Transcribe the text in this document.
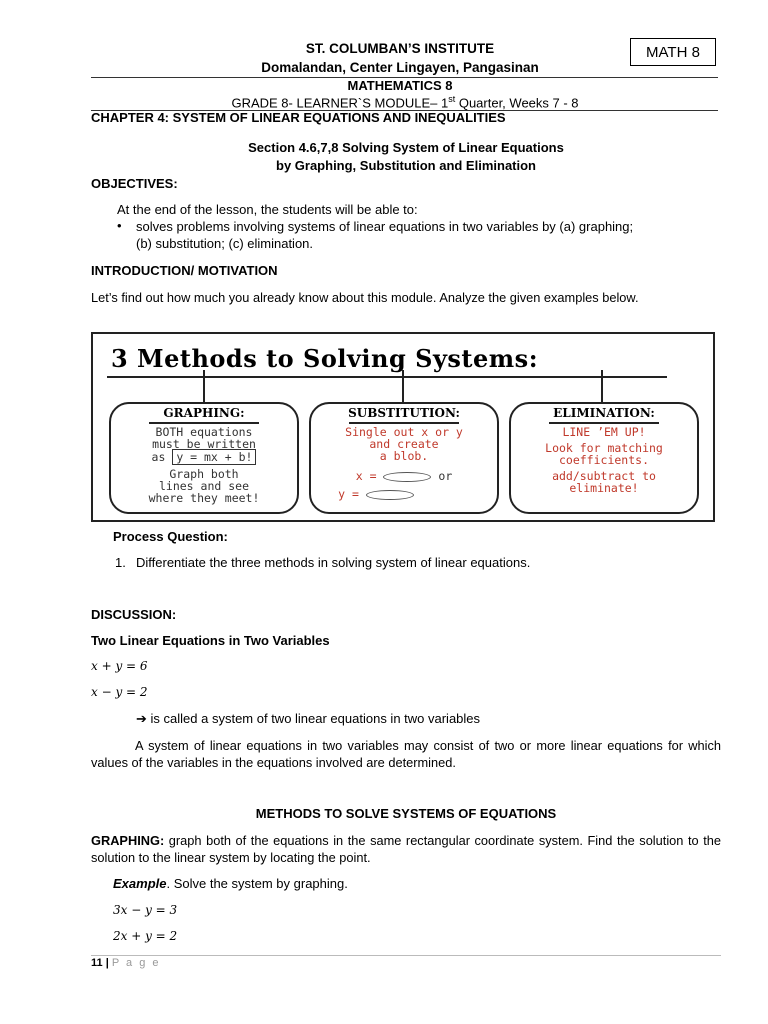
ST. COLUMBAN’S INSTITUTE
Domalandan, Center Lingayen, Pangasinan
MATH 8
MATHEMATICS 8
GRADE 8- LEARNER`S MODULE– 1st Quarter, Weeks 7 - 8
CHAPTER 4: SYSTEM OF LINEAR EQUATIONS AND INEQUALITIES
Section 4.6,7,8 Solving System of Linear Equations
by Graphing, Substitution and Elimination
OBJECTIVES:
At the end of the lesson, the students will be able to:
• solves problems involving systems of linear equations in two variables by (a) graphing;
(b) substitution; (c) elimination.
INTRODUCTION/ MOTIVATION
Let’s find out how much you already know about this module. Analyze the given examples below.
3 Methods to Solving Systems:
GRAPHING:
BOTH equations
must be written
as y = mx + b!
Graph both
lines and see
where they meet!
SUBSTITUTION:
Single out x or y
and create
a blob.
x =	or
y =
ELIMINATION:
LINE ’EM UP!
Look for matching
coefficients.
add/subtract to
eliminate!
Process Question:
1. Differentiate the three methods in solving system of linear equations.
DISCUSSION:
Two Linear Equations in Two Variables
x + y = 6
x − y = 2
➔ is called a system of two linear equations in two variables
A system of linear equations in two variables may consist of two or more linear equations for which values of the variables in the equations involved are determined.
METHODS TO SOLVE SYSTEMS OF EQUATIONS
GRAPHING: graph both of the equations in the same rectangular coordinate system. Find the solution to the solution to the linear system by locating the point.
Example. Solve the system by graphing.
3x − y = 3
2x + y = 2
11 | P a g e
